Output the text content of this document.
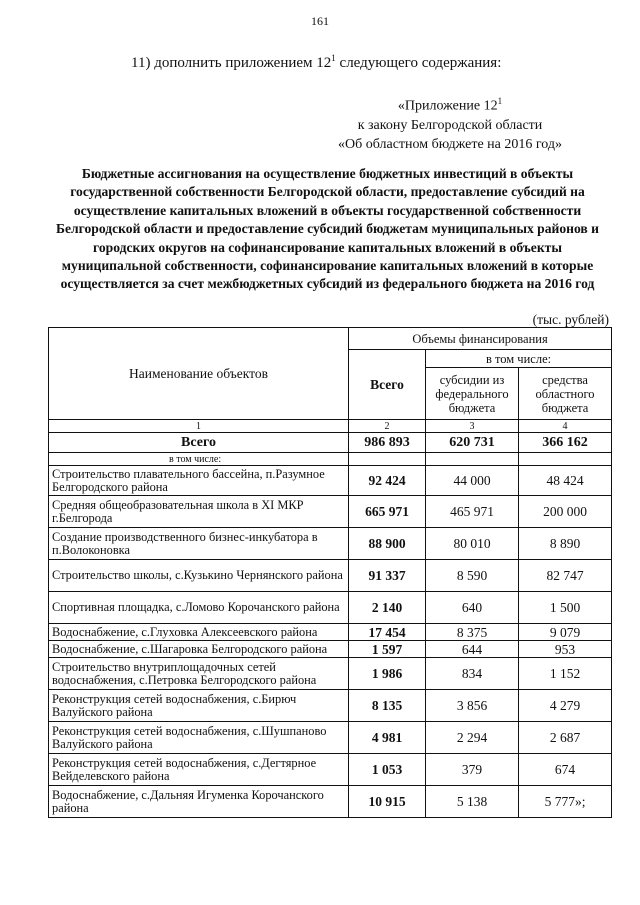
161
11) дополнить приложением $12^1$ следующего содержания:
«Приложение $12^1$
к закону Белгородской области
«Об областном бюджете на 2016 год»
Бюджетные ассигнования на осуществление бюджетных инвестиций в объекты государственной собственности Белгородской области, предоставление субсидий на осуществление капитальных вложений в объекты государственной собственности Белгородской области и предоставление субсидий бюджетам муниципальных районов и городских округов на софинансирование капитальных вложений в объекты муниципальной собственности, софинансирование капитальных вложений в которые осуществляется за счет межбюджетных субсидий из федерального бюджета на 2016 год
(тыс. рублей)
Наименование объектов	Объемы финансирования		
	Всего	в том числе:	
		субсидии из федерального бюджета	средства областного бюджета
1	2	3	4
Всего	986 893	620 731	366 162
в том числе:			
Строительство плавательного бассейна, п.Разумное Белгородского района	92 424	44 000	48 424
Средняя общеобразовательная школа в XI МКР г.Белгорода	665 971	465 971	200 000
Создание производственного бизнес-инкубатора в п.Волоконовка	88 900	80 010	8 890
Строительство школы, с.Кузькино Чернянского района	91 337	8 590	82 747
Спортивная площадка, с.Ломово Корочанского района	2 140	640	1 500
Водоснабжение, с.Глуховка Алексеевского района	17 454	8 375	9 079
Водоснабжение, с.Шагаровка Белгородского района	1 597	644	953
Строительство внутриплощадочных сетей водоснабжения, с.Петровка Белгородского района	1 986	834	1 152
Реконструкция сетей водоснабжения, с.Бирюч Валуйского района	8 135	3 856	4 279
Реконструкция сетей водоснабжения, с.Шушпаново Валуйского района	4 981	2 294	2 687
Реконструкция сетей водоснабжения, с.Дегтярное Вейделевского района	1 053	379	674
Водоснабжение, с.Дальняя Игуменка Корочанского района	10 915	5 138	5 777»;
